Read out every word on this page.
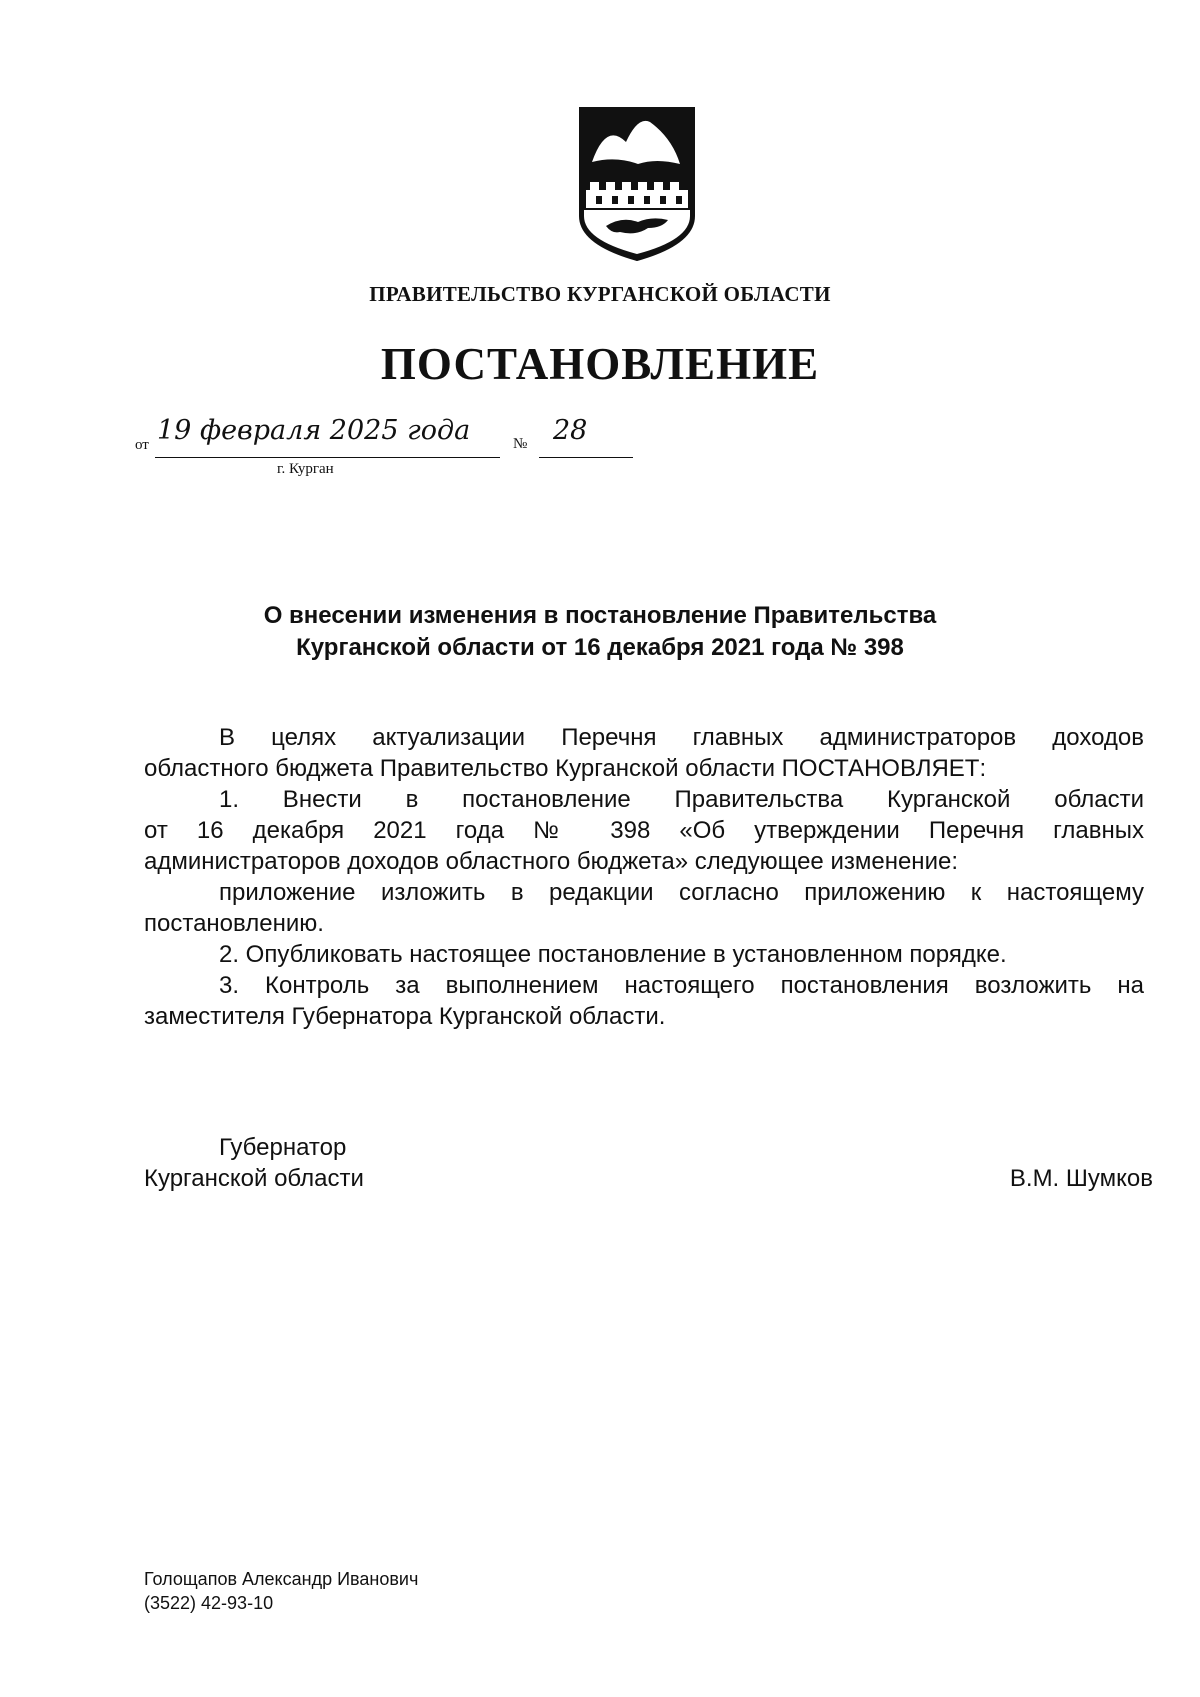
ПРАВИТЕЛЬСТВО КУРГАНСКОЙ ОБЛАСТИ
ПОСТАНОВЛЕНИЕ
от 19 февраля 2025 года	№ 28
г. Курган
О внесении изменения в постановление Правительства
Курганской области от 16 декабря 2021 года № 398

В целях актуализации Перечня главных администраторов доходов

областного бюджета Правительство Курганской области ПОСТАНОВЛЯЕТ:

1. Внести в постановление Правительства Курганской области

от 16 декабря 2021 года № 398 «Об утверждении Перечня главных

администраторов доходов областного бюджета» следующее изменение:

приложение изложить в редакции согласно приложению к настоящему

постановлению.

2. Опубликовать настоящее постановление в установленном порядке.

3. Контроль за выполнением настоящего постановления возложить на

заместителя Губернатора Курганской области.

Губернатор
Курганской области	В.М. Шумков
Голощапов Александр Иванович
(3522) 42-93-10
